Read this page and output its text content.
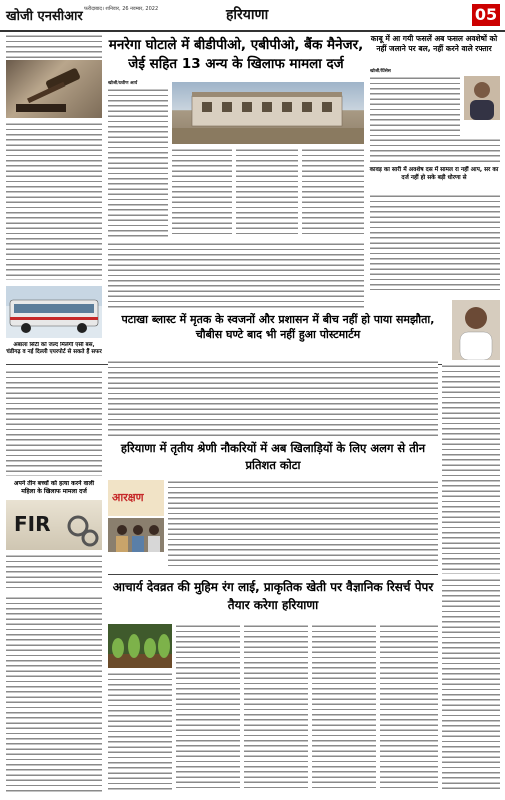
खोजी एनसीआर फरीदाबाद। शनिवार, 26 नवम्बर, 2022	हरियाणा	05
अंबाला सिटी को जल्द मिलेगी एसी बस, चंडीगढ़ व नई दिल्ली एयरपोर्ट से सकते हैं सफर
मनरेगा घोटाले में बीडीपीओ, एबीपीओ, बैंक मैनेजर, जेई सहित 13 अन्य के खिलाफ मामला दर्ज
खोजी/प्रवीण आर्य
काबू में आ गयी फसलें अब फसल अवशेषों को नहीं जलाने पर बल, नहीं करने वाले रफ्तार
खोजी/प्रिंसेस
कावड़ का सारी में अवशेष दस में सामल रा नहीं आप, सर का दर्ज नहीं हो सके बड़ी धोरणा से
पटाखा ब्लास्ट में मृतक के स्वजनों और प्रशासन में बीच नहीं हो पाया समझौता, चौबीस घण्टे बाद भी नहीं हुआ पोस्टमार्टम
हरियाणा में तृतीय श्रेणी नौकरियों में अब खिलाड़ियों के लिए अलग से तीन प्रतिशत कोटा
अपने तीन बच्चों को हत्या करने वाली महिला के खिलाफ मामला दर्ज	आरक्षण
FIR
आचार्य देवव्रत की मुहिम रंग लाई, प्राकृतिक खेती पर वैज्ञानिक रिसर्च पेपर तैयार करेगा हरियाणा
